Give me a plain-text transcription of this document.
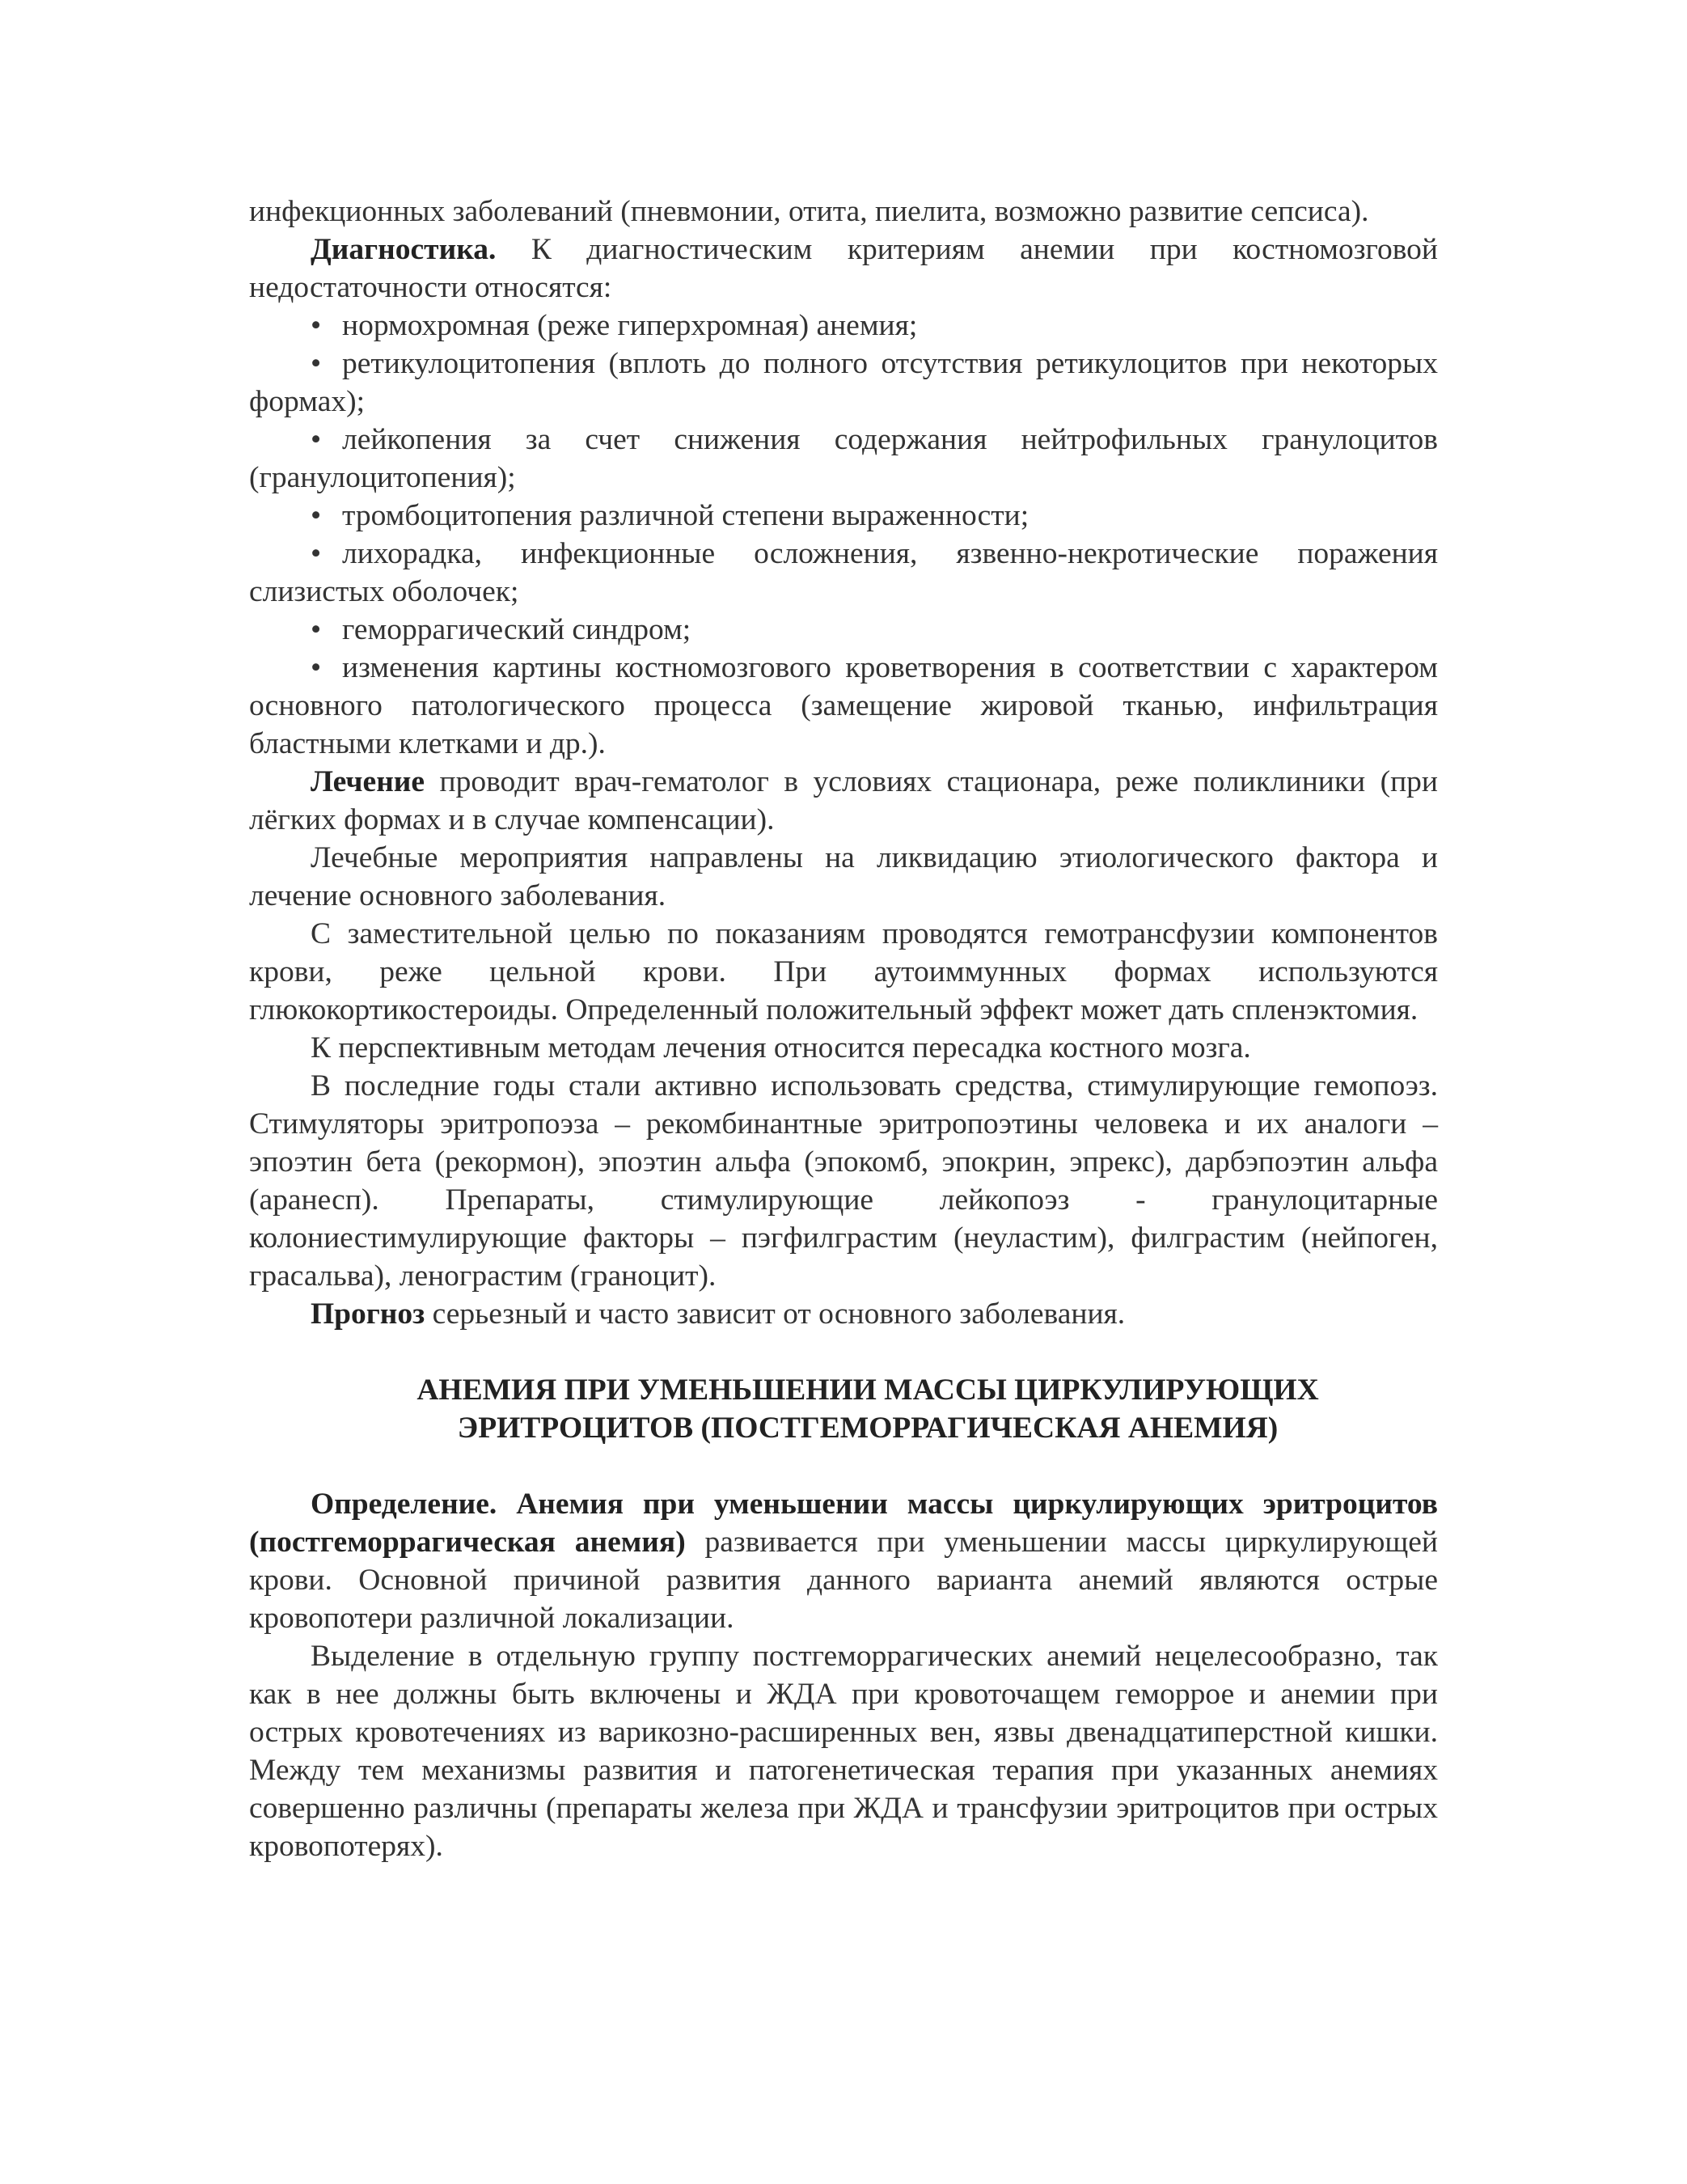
инфекционных заболеваний (пневмонии, отита, пиелита, возможно развитие сепсиса).

Диагностика. К диагностическим критериям анемии при костномозговой недостаточности относятся:

• нормохромная (реже гиперхромная) анемия;

• ретикулоцитопения (вплоть до полного отсутствия ретикулоцитов при некоторых формах);

• лейкопения за счет снижения содержания нейтрофильных гранулоцитов (гранулоцитопения);

• тромбоцитопения различной степени выраженности;

• лихорадка, инфекционные осложнения, язвенно-некротические поражения слизистых оболочек;

• геморрагический синдром;

• изменения картины костномозгового кроветворения в соответствии с характером основного патологического процесса (замещение жировой тканью, инфильтрация бластными клетками и др.).

Лечение проводит врач-гематолог в условиях стационара, реже поликлиники (при лёгких формах и в случае компенсации).

Лечебные мероприятия направлены на ликвидацию этиологического фактора и лечение основного заболевания.

С заместительной целью по показаниям проводятся гемотрансфузии компонентов крови, реже цельной крови. При аутоиммунных формах используются глюкокортикостероиды. Определенный положительный эффект может дать спленэктомия.

К перспективным методам лечения относится пересадка костного мозга.

В последние годы стали активно использовать средства, стимулирующие гемопоэз. Стимуляторы эритропоэза – рекомбинантные эритропоэтины человека и их аналоги – эпоэтин бета (рекормон), эпоэтин альфа (эпокомб, эпокрин, эпрекс), дарбэпоэтин альфа (аранесп). Препараты, стимулирующие лейкопоэз - гранулоцитарные колониестимулирующие факторы – пэгфилграстим (неуластим), филграстим (нейпоген, грасальва), ленограстим (граноцит).

Прогноз серьезный и часто зависит от основного заболевания.

АНЕМИЯ ПРИ УМЕНЬШЕНИИ МАССЫ ЦИРКУЛИРУЮЩИХ
ЭРИТРОЦИТОВ (ПОСТГЕМОРРАГИЧЕСКАЯ АНЕМИЯ)

Определение. Анемия при уменьшении массы циркулирующих эритроцитов (постгеморрагическая анемия) развивается при уменьшении массы циркулирующей крови. Основной причиной развития данного варианта анемий являются острые кровопотери различной локализации.

Выделение в отдельную группу постгеморрагических анемий нецелесообразно, так как в нее должны быть включены и ЖДА при кровоточащем геморрое и анемии при острых кровотечениях из варикозно-расширенных вен, язвы двенадцатиперстной кишки. Между тем механизмы развития и патогенетическая терапия при указанных анемиях совершенно различны (препараты железа при ЖДА и трансфузии эритроцитов при острых кровопотерях).
